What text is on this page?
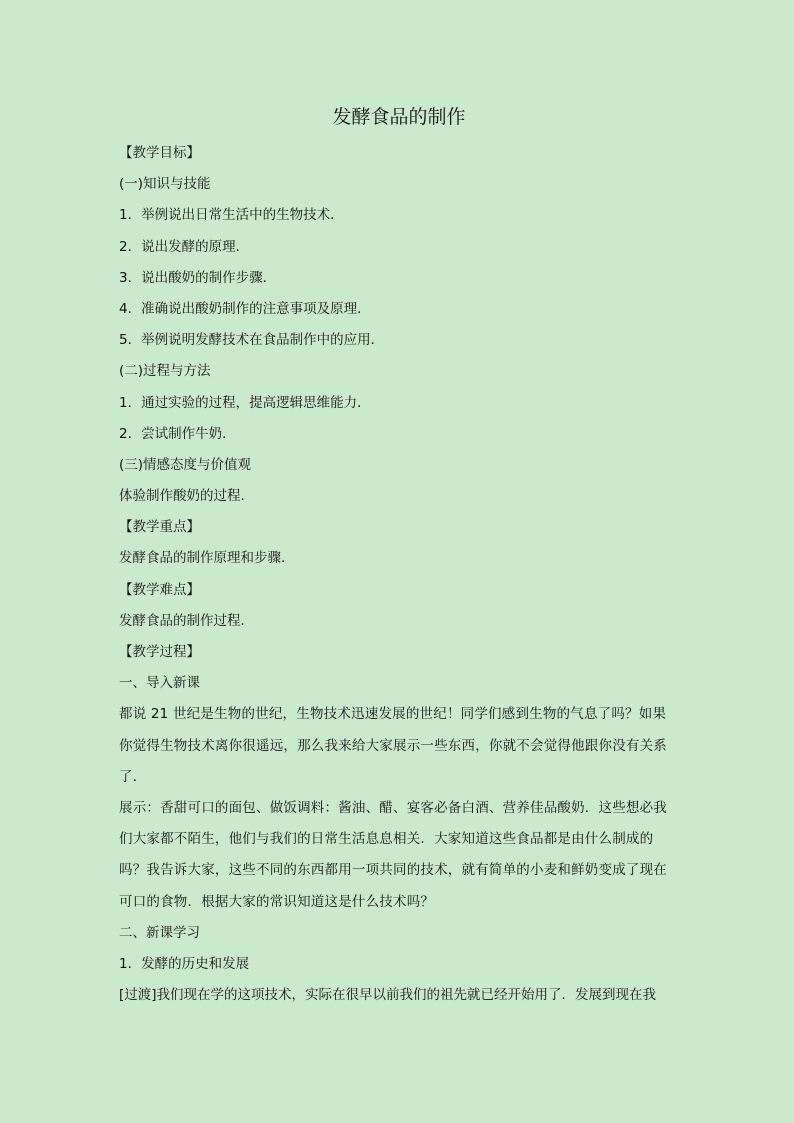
发酵食品的制作

【教学目标】

(一)知识与技能

1．举例说出日常生活中的生物技术．

2．说出发酵的原理．

3．说出酸奶的制作步骤．

4．准确说出酸奶制作的注意事项及原理．

5．举例说明发酵技术在食品制作中的应用．

(二)过程与方法

1．通过实验的过程，提高逻辑思维能力．

2．尝试制作牛奶．

(三)情感态度与价值观

体验制作酸奶的过程．

【教学重点】

发酵食品的制作原理和步骤．

【教学难点】

发酵食品的制作过程．

【教学过程】

一、导入新课

都说 21 世纪是生物的世纪，生物技术迅速发展的世纪！同学们感到生物的气息了吗？如果你觉得生物技术离你很遥远，那么我来给大家展示一些东西，你就不会觉得他跟你没有关系了．

展示：香甜可口的面包、做饭调料：酱油、醋、宴客必备白酒、营养佳品酸奶．这些想必我们大家都不陌生，他们与我们的日常生活息息相关．大家知道这些食品都是由什么制成的吗？我告诉大家，这些不同的东西都用一项共同的技术，就有简单的小麦和鲜奶变成了现在可口的食物．根据大家的常识知道这是什么技术吗？

二、新课学习

1．发酵的历史和发展

[过渡]我们现在学的这项技术，实际在很早以前我们的祖先就已经开始用了．发展到现在我
